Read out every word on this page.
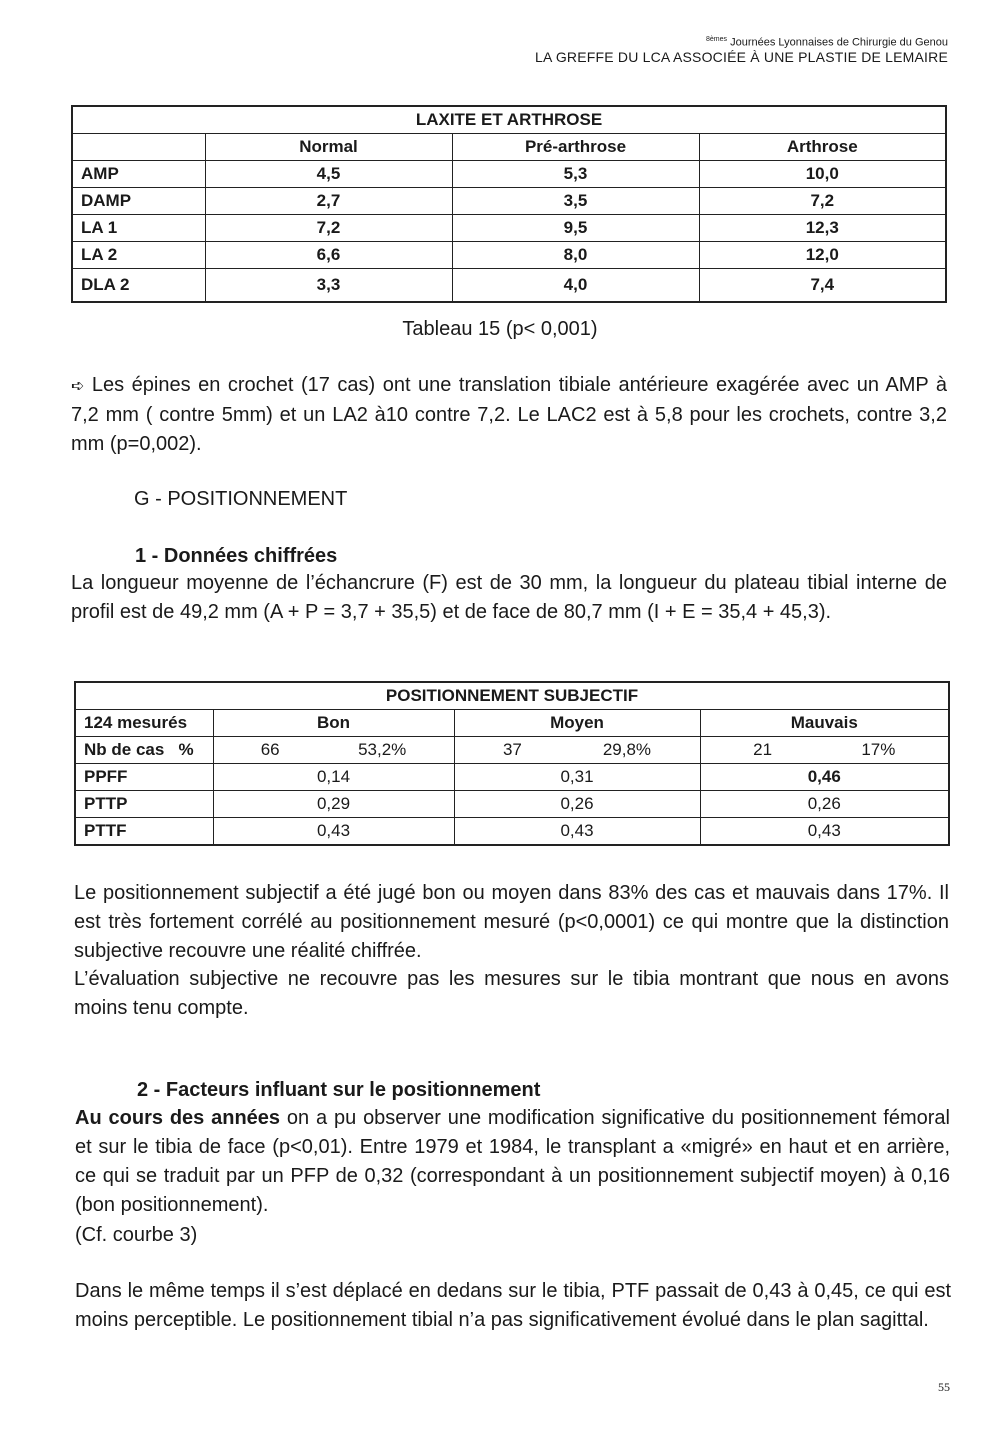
$^{8èmes}$ Journées Lyonnaises de Chirurgie du Genou
LA GREFFE DU LCA ASSOCIÉE À UNE PLASTIE DE LEMAIRE
LAXITE ET ARTHROSE			
	Normal	Pré-arthrose	Arthrose
AMP	4,5	5,3	10,0
DAMP	2,7	3,5	7,2
LA 1	7,2	9,5	12,3
LA 2	6,6	8,0	12,0
DLA 2	3,3	4,0	7,4
Tableau 15 (p< 0,001)

➪ Les épines en crochet (17 cas) ont une translation tibiale antérieure exagérée avec un AMP à 7,2 mm ( contre 5mm) et un LA2 à10 contre 7,2. Le LAC2 est à 5,8 pour les crochets, contre 3,2 mm (p=0,002).

G - POSITIONNEMENT
1 - Données chiffrées

La longueur moyenne de l’échancrure (F) est de 30 mm, la longueur du plateau tibial interne de profil est de 49,2 mm (A + P = 3,7 + 35,5) et de face de 80,7 mm (I + E = 35,4 + 45,3).

POSITIONNEMENT SUBJECTIF			
124 mesurés	Bon	Moyen	Mauvais
Nb de cas   %	66 53,2%	37 29,8%	21 17%

PPFF	0,14	0,31	0,46
PTTP	0,29	0,26	0,26
PTTF	0,43	0,43	0,43

Le positionnement subjectif a été jugé bon ou moyen dans 83% des cas et mauvais dans 17%. Il est très fortement corrélé au positionnement mesuré (p<0,0001) ce qui montre que la distinction subjective recouvre une réalité chiffrée.

L’évaluation subjective ne recouvre pas les mesures sur le tibia montrant que nous en avons moins tenu compte.

2 - Facteurs influant sur le positionnement

Au cours des années on a pu observer une modification significative du positionnement fémoral et sur le tibia de face (p<0,01). Entre 1979 et 1984, le transplant a «migré» en haut et en arrière, ce qui se traduit par un PFP de 0,32 (correspondant à un positionnement subjectif moyen) à 0,16 (bon positionnement).

(Cf. courbe 3)

Dans le même temps il s’est déplacé en dedans sur le tibia, PTF passait de 0,43 à 0,45, ce qui est moins perceptible. Le positionnement tibial n’a pas significativement évolué dans le plan sagittal.

55
